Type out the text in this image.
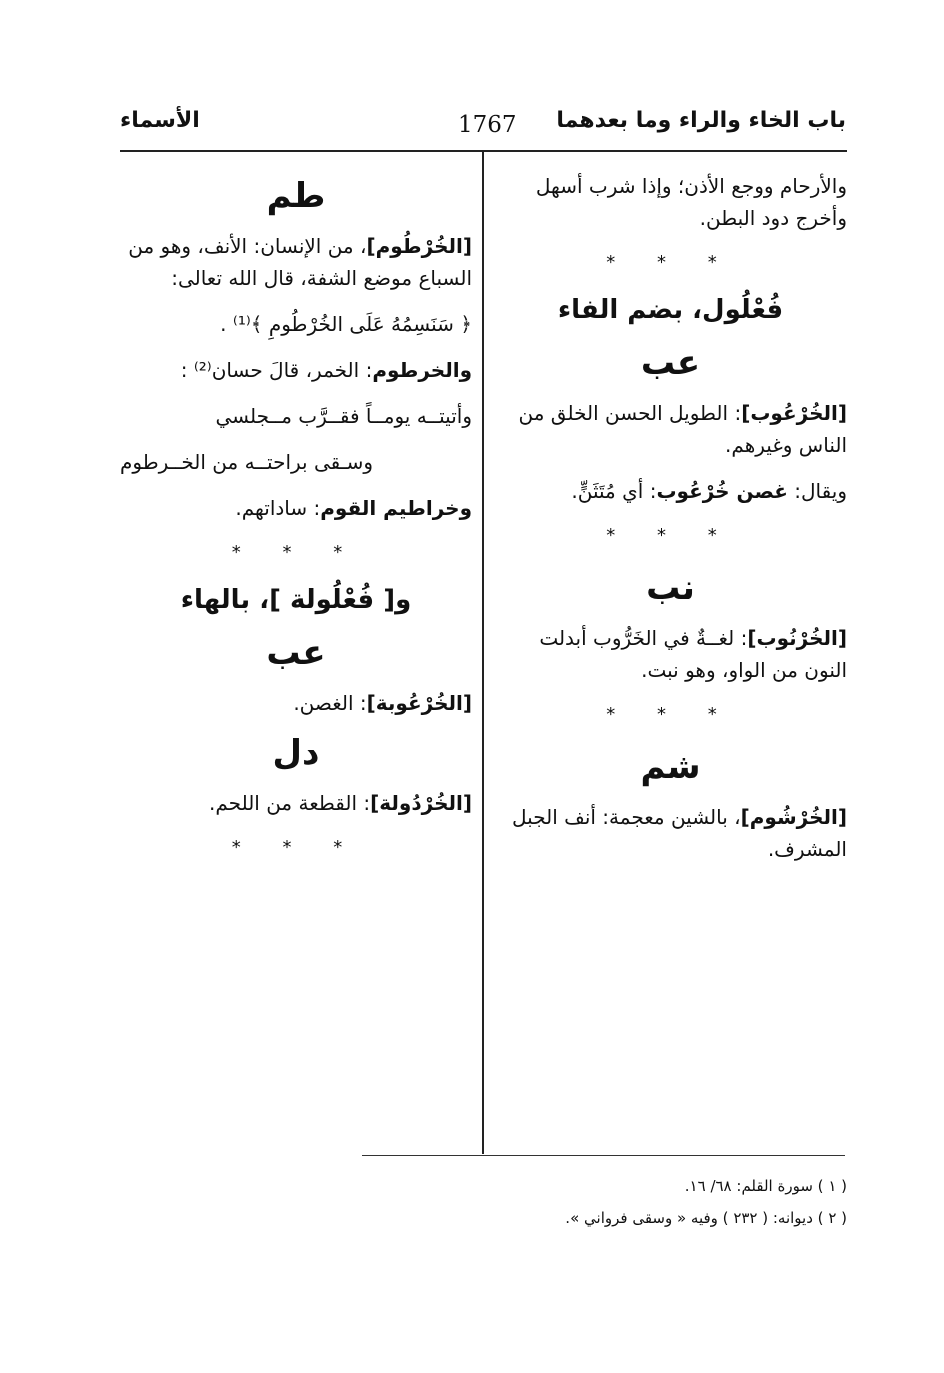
باب الخاء والراء وما بعدهما
1767
الأسماء

والأرحام ووجع الأذن؛ وإذا شرب أسهل وأخرج دود البطن.

* * *
فُعْلُول، بضم الفاء
عب

[الخُرْعُوب]: الطويل الحسن الخلق من الناس وغيرهم.

ويقال: غصن خُرْعُوب: أي مُتَثَنٍّ.

* * *
نب

[الخُرْنُوب]: لغــةٌ في الخَرُّوب أبدلت النون من الواو، وهو نبت.

* * *
شم

[الخُرْشُوم]، بالشين معجمة: أنف الجبل المشرف.

طم

[الخُرْطُوم]، من الإنسان: الأنف، وهو من السباع موضع الشفة، قال الله تعالى:

﴿ سَنَسِمُهُ عَلَى الخُرْطُومِ ﴾⁽¹⁾ .

والخرطوم: الخمر، قالَ حسان⁽²⁾ :

وأتيتــه يومــاً فقــرَّب مــجلسي

وسـقى براحتــه من الخــرطوم

وخراطيم القوم: ساداتهم.

* * *
و[ فُعْلُولة ]، بالهاء
عب

[الخُرْعُوبة]: الغصن.

دل

[الخُرْدُولة]: القطعة من اللحم.

* * *
( ١ ) سورة القلم: ٦٨/ ١٦.
( ٢ ) ديوانه: ( ٢٣٢ ) وفيه « وسقى فرواني ».
